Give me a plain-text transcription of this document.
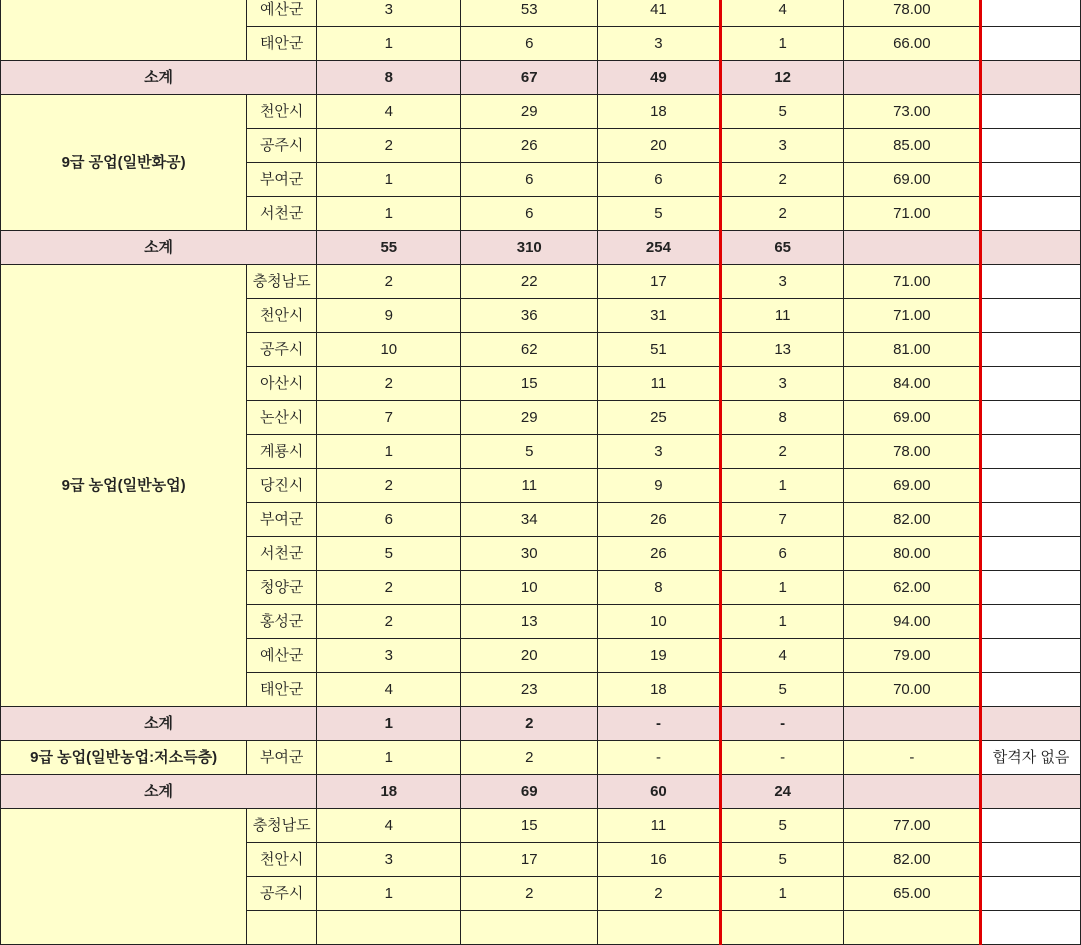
	예산군	3	53	41	4	78.00	
	태안군	1	6	3	1	66.00	
소계		8	67	49	12		
9급 공업(일반화공)	천안시	4	29	18	5	73.00	
	공주시	2	26	20	3	85.00	
	부여군	1	6	6	2	69.00	
	서천군	1	6	5	2	71.00	
소계		55	310	254	65		
9급 농업(일반농업)	충청남도	2	22	17	3	71.00	
	천안시	9	36	31	11	71.00	
	공주시	10	62	51	13	81.00	
	아산시	2	15	11	3	84.00	
	논산시	7	29	25	8	69.00	
	계룡시	1	5	3	2	78.00	
	당진시	2	11	9	1	69.00	
	부여군	6	34	26	7	82.00	
	서천군	5	30	26	6	80.00	
	청양군	2	10	8	1	62.00	
	홍성군	2	13	10	1	94.00	
	예산군	3	20	19	4	79.00	
	태안군	4	23	18	5	70.00	
소계		1	2	-	-		
9급 농업(일반농업:저소득층)	부여군	1	2	-	-	-	합격자 없음
소계		18	69	60	24		
	충청남도	4	15	11	5	77.00	
	천안시	3	17	16	5	82.00	
	공주시	1	2	2	1	65.00	
